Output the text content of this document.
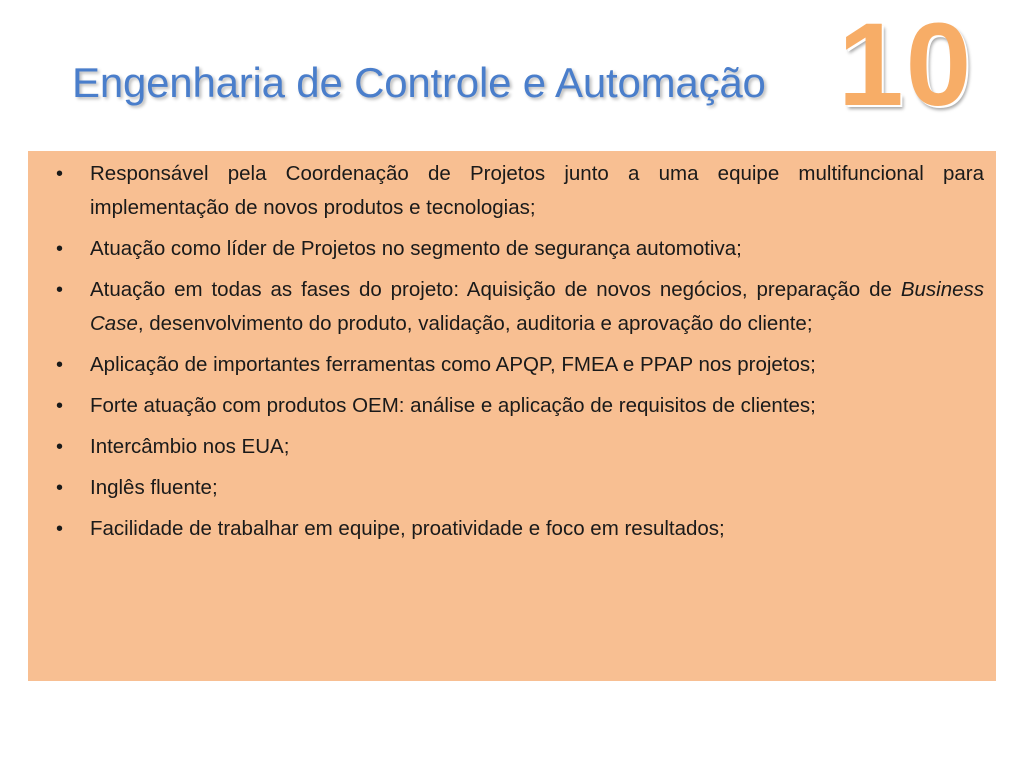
Engenharia de Controle e Automação 10
• Responsável pela Coordenação de Projetos junto a uma equipe multifuncional para implementação de novos produtos e tecnologias;
• Atuação como líder de Projetos no segmento de segurança automotiva;
• Atuação em todas as fases do projeto: Aquisição de novos negócios, preparação de Business Case, desenvolvimento do produto, validação, auditoria e aprovação do cliente;
• Aplicação de importantes ferramentas como APQP, FMEA e PPAP nos projetos;
• Forte atuação com produtos OEM: análise e aplicação de requisitos de clientes;
• Intercâmbio nos EUA;
• Inglês fluente;
• Facilidade de trabalhar em equipe, proatividade e foco em resultados;
